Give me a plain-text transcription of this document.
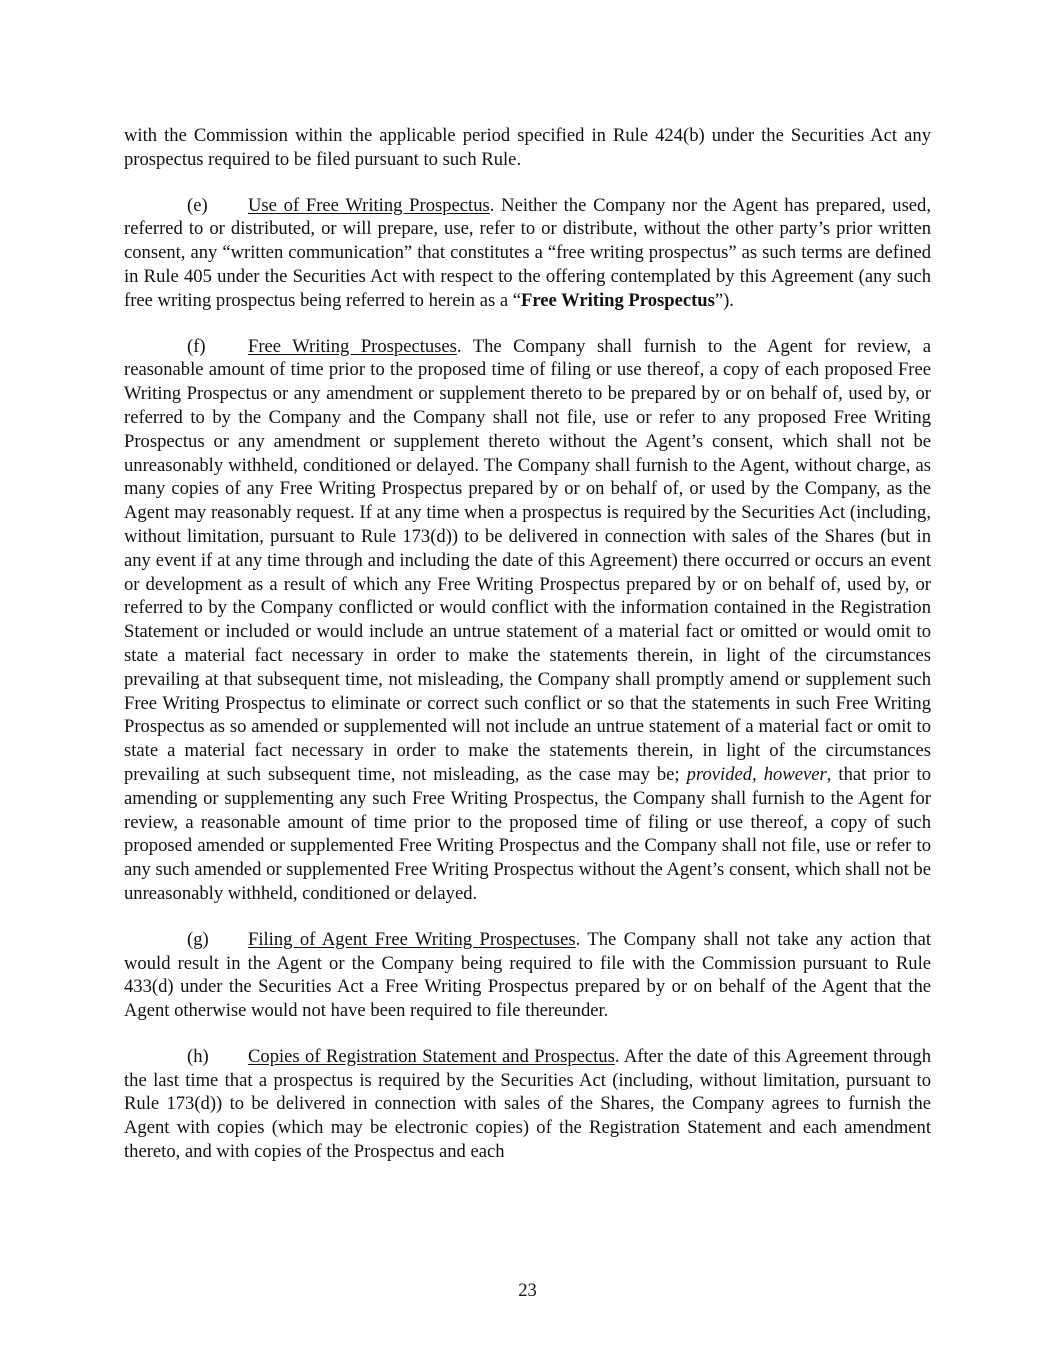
with the Commission within the applicable period specified in Rule 424(b) under the Securities Act any prospectus required to be filed pursuant to such Rule.

(e) Use of Free Writing Prospectus. Neither the Company nor the Agent has prepared, used, referred to or distributed, or will prepare, use, refer to or distribute, without the other party’s prior written consent, any “written communication” that constitutes a “free writing prospectus” as such terms are defined in Rule 405 under the Securities Act with respect to the offering contemplated by this Agreement (any such free writing prospectus being referred to herein as a “Free Writing Prospectus”).

(f) Free Writing Prospectuses. The Company shall furnish to the Agent for review, a reasonable amount of time prior to the proposed time of filing or use thereof, a copy of each proposed Free Writing Prospectus or any amendment or supplement thereto to be prepared by or on behalf of, used by, or referred to by the Company and the Company shall not file, use or refer to any proposed Free Writing Prospectus or any amendment or supplement thereto without the Agent’s consent, which shall not be unreasonably withheld, conditioned or delayed. The Company shall furnish to the Agent, without charge, as many copies of any Free Writing Prospectus prepared by or on behalf of, or used by the Company, as the Agent may reasonably request. If at any time when a prospectus is required by the Securities Act (including, without limitation, pursuant to Rule 173(d)) to be delivered in connection with sales of the Shares (but in any event if at any time through and including the date of this Agreement) there occurred or occurs an event or development as a result of which any Free Writing Prospectus prepared by or on behalf of, used by, or referred to by the Company conflicted or would conflict with the information contained in the Registration Statement or included or would include an untrue statement of a material fact or omitted or would omit to state a material fact necessary in order to make the statements therein, in light of the circumstances prevailing at that subsequent time, not misleading, the Company shall promptly amend or supplement such Free Writing Prospectus to eliminate or correct such conflict or so that the statements in such Free Writing Prospectus as so amended or supplemented will not include an untrue statement of a material fact or omit to state a material fact necessary in order to make the statements therein, in light of the circumstances prevailing at such subsequent time, not misleading, as the case may be; provided, however, that prior to amending or supplementing any such Free Writing Prospectus, the Company shall furnish to the Agent for review, a reasonable amount of time prior to the proposed time of filing or use thereof, a copy of such proposed amended or supplemented Free Writing Prospectus and the Company shall not file, use or refer to any such amended or supplemented Free Writing Prospectus without the Agent’s consent, which shall not be unreasonably withheld, conditioned or delayed.

(g) Filing of Agent Free Writing Prospectuses. The Company shall not take any action that would result in the Agent or the Company being required to file with the Commission pursuant to Rule 433(d) under the Securities Act a Free Writing Prospectus prepared by or on behalf of the Agent that the Agent otherwise would not have been required to file thereunder.

(h) Copies of Registration Statement and Prospectus. After the date of this Agreement through the last time that a prospectus is required by the Securities Act (including, without limitation, pursuant to Rule 173(d)) to be delivered in connection with sales of the Shares, the Company agrees to furnish the Agent with copies (which may be electronic copies) of the Registration Statement and each amendment thereto, and with copies of the Prospectus and each

23
